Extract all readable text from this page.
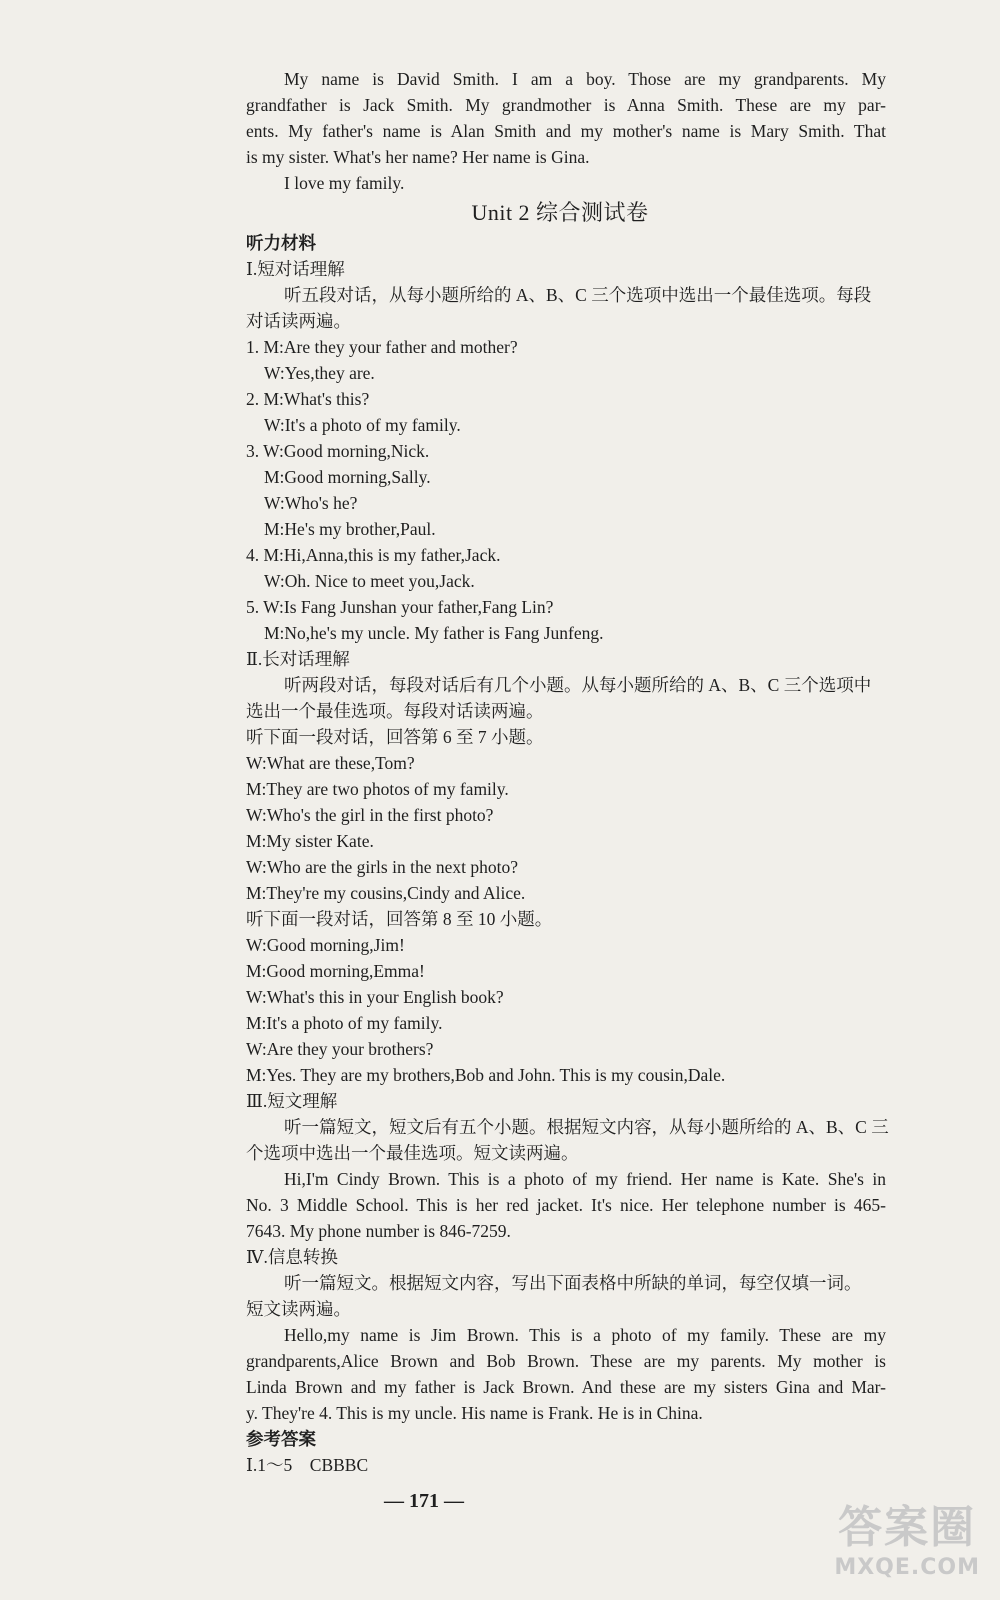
My name is David Smith. I am a boy. Those are my grandparents. My
grandfather is Jack Smith. My grandmother is Anna Smith. These are my par-
ents. My father's name is Alan Smith and my mother's name is Mary Smith. That
is my sister. What's her name? Her name is Gina.
I love my family.
Unit 2 综合测试卷
听力材料
Ⅰ.短对话理解
听五段对话，从每小题所给的 A、B、C 三个选项中选出一个最佳选项。每段
对话读两遍。
1. M:Are they your father and mother?
W:Yes,they are.
2. M:What's this?
W:It's a photo of my family.
3. W:Good morning,Nick.
M:Good morning,Sally.
W:Who's he?
M:He's my brother,Paul.
4. M:Hi,Anna,this is my father,Jack.
W:Oh. Nice to meet you,Jack.
5. W:Is Fang Junshan your father,Fang Lin?
M:No,he's my uncle. My father is Fang Junfeng.
Ⅱ.长对话理解
听两段对话，每段对话后有几个小题。从每小题所给的 A、B、C 三个选项中
选出一个最佳选项。每段对话读两遍。
听下面一段对话，回答第 6 至 7 小题。
W:What are these,Tom?
M:They are two photos of my family.
W:Who's the girl in the first photo?
M:My sister Kate.
W:Who are the girls in the next photo?
M:They're my cousins,Cindy and Alice.
听下面一段对话，回答第 8 至 10 小题。
W:Good morning,Jim!
M:Good morning,Emma!
W:What's this in your English book?
M:It's a photo of my family.
W:Are they your brothers?
M:Yes. They are my brothers,Bob and John. This is my cousin,Dale.
Ⅲ.短文理解
听一篇短文，短文后有五个小题。根据短文内容，从每小题所给的 A、B、C 三
个选项中选出一个最佳选项。短文读两遍。
Hi,I'm Cindy Brown. This is a photo of my friend. Her name is Kate. She's in
No. 3 Middle School. This is her red jacket. It's nice. Her telephone number is 465-
7643. My phone number is 846-7259.
Ⅳ.信息转换
听一篇短文。根据短文内容，写出下面表格中所缺的单词，每空仅填一词。
短文读两遍。
Hello,my name is Jim Brown. This is a photo of my family. These are my
grandparents,Alice Brown and Bob Brown. These are my parents. My mother is
Linda Brown and my father is Jack Brown. And these are my sisters Gina and Mar-
y. They're 4. This is my uncle. His name is Frank. He is in China.
参考答案
Ⅰ.1～5　CBBBC
— 171 —
答案圈
MXQE.COM
